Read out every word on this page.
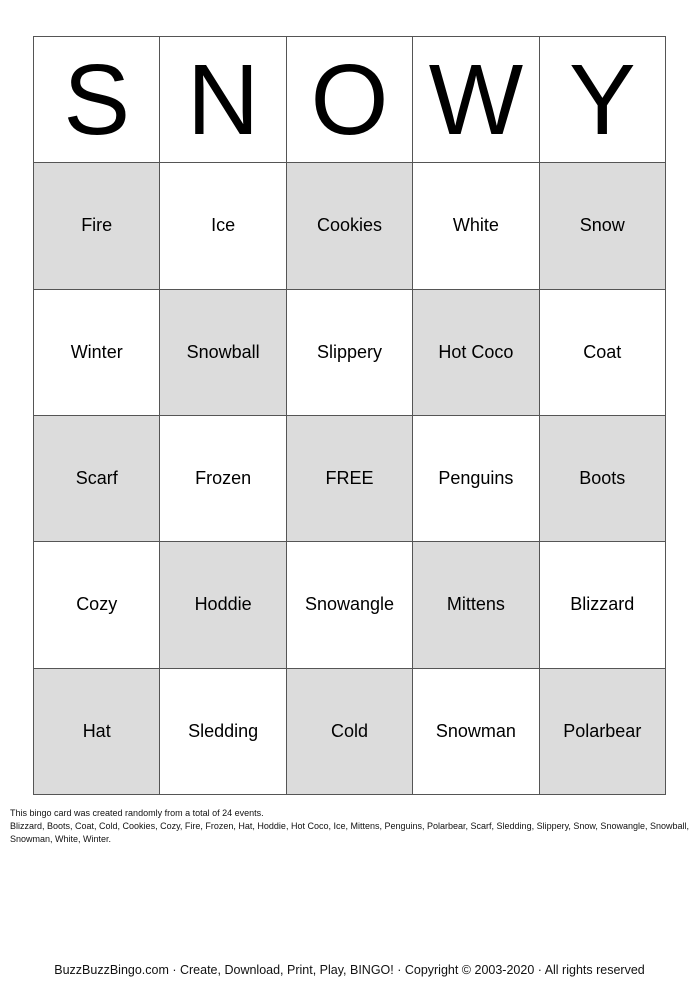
S N O W Y
Fire	Ice	Cookies	White	Snow
Winter	Snowball	Slippery	Hot Coco	Coat
Scarf	Frozen	FREE	Penguins	Boots
Cozy	Hoddie	Snowangle	Mittens	Blizzard
Hat	Sledding	Cold	Snowman	Polarbear
This bingo card was created randomly from a total of 24 events.
Blizzard, Boots, Coat, Cold, Cookies, Cozy, Fire, Frozen, Hat, Hoddie, Hot Coco, Ice, Mittens, Penguins, Polarbear, Scarf, Sledding, Slippery, Snow, Snowangle, Snowball, Snowman, White, Winter.
BuzzBuzzBingo.com · Create, Download, Print, Play, BINGO! · Copyright © 2003-2020 · All rights reserved
